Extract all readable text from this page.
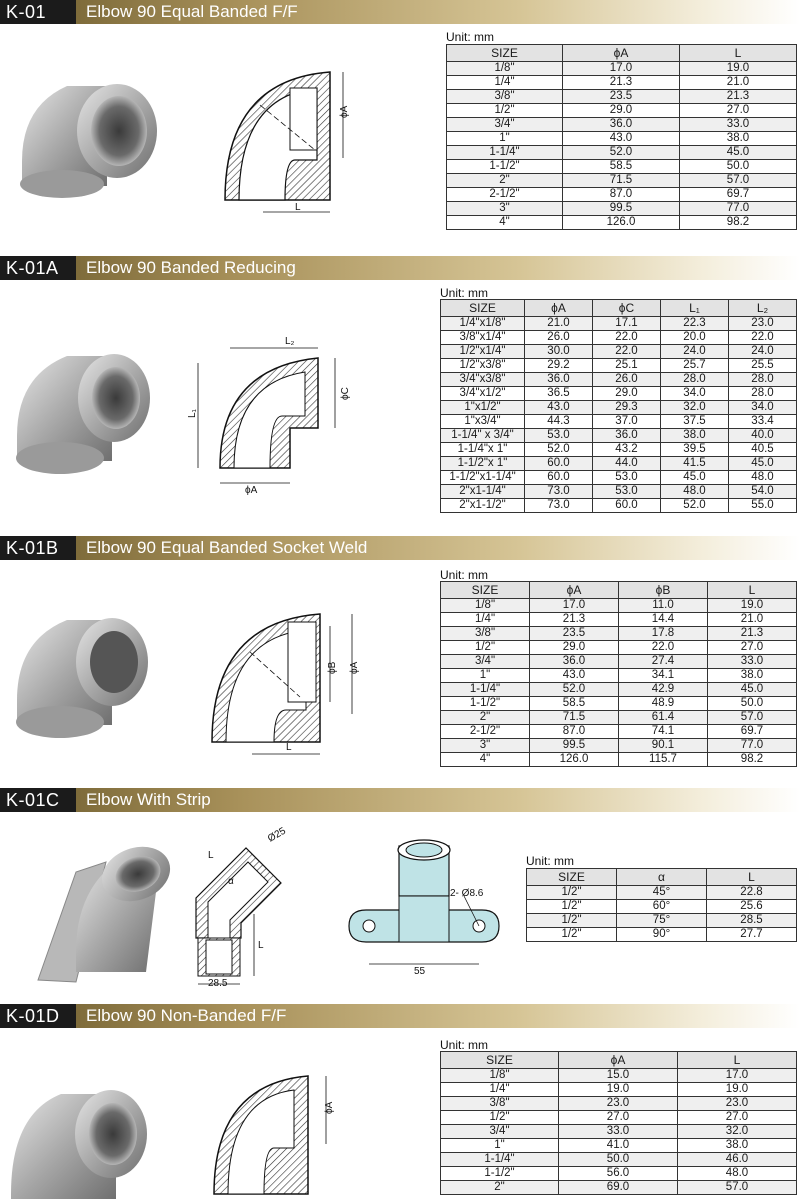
K-01	Elbow 90 Equal Banded F/F
ϕA
L
Unit: mm
SIZE	ϕA	L
1/8"	17.0	19.0
1/4"	21.3	21.0
3/8"	23.5	21.3
1/2"	29.0	27.0
3/4"	36.0	33.0
1"	43.0	38.0
1-1/4"	52.0	45.0
1-1/2"	58.5	50.0
2"	71.5	57.0
2-1/2"	87.0	69.7
3"	99.5	77.0
4"	126.0	98.2
K-01A	Elbow 90 Banded Reducing
L₂
L₁
ϕC
ϕA
Unit: mm
SIZE	ϕA	ϕC	L₁	L₂
1/4"x1/8"	21.0	17.1	22.3	23.0
3/8"x1/4"	26.0	22.0	20.0	22.0
1/2"x1/4"	30.0	22.0	24.0	24.0
1/2"x3/8"	29.2	25.1	25.7	25.5
3/4"x3/8"	36.0	26.0	28.0	28.0
3/4"x1/2"	36.5	29.0	34.0	28.0
1"x1/2"	43.0	29.3	32.0	34.0
1"x3/4"	44.3	37.0	37.5	33.4
1-1/4" x 3/4"	53.0	36.0	38.0	40.0
1-1/4"x 1"	52.0	43.2	39.5	40.5
1-1/2"x 1"	60.0	44.0	41.5	45.0
1-1/2"x1-1/4"	60.0	53.0	45.0	48.0
2"x1-1/4"	73.0	53.0	48.0	54.0
2"x1-1/2"	73.0	60.0	52.0	55.0
K-01B	Elbow 90 Equal Banded Socket Weld
ϕB ϕA
L
Unit: mm
SIZE	ϕA	ϕB	L
1/8"	17.0	11.0	19.0
1/4"	21.3	14.4	21.0
3/8"	23.5	17.8	21.3
1/2"	29.0	22.0	27.0
3/4"	36.0	27.4	33.0
1"	43.0	34.1	38.0
1-1/4"	52.0	42.9	45.0
1-1/2"	58.5	48.9	50.0
2"	71.5	61.4	57.0
2-1/2"	87.0	74.1	69.7
3"	99.5	90.1	77.0
4"	126.0	115.7	98.2
K-01C	Elbow With Strip
Ø25
L
α
L
28.5
2- Ø8.6
55
Unit: mm
SIZE	α	L
1/2"	45°	22.8
1/2"	60°	25.6
1/2"	75°	28.5
1/2"	90°	27.7
K-01D	Elbow 90 Non-Banded F/F
ϕA
Unit: mm
SIZE	ϕA	L
1/8"	15.0	17.0
1/4"	19.0	19.0
3/8"	23.0	23.0
1/2"	27.0	27.0
3/4"	33.0	32.0
1"	41.0	38.0
1-1/4"	50.0	46.0
1-1/2"	56.0	48.0
2"	69.0	57.0
